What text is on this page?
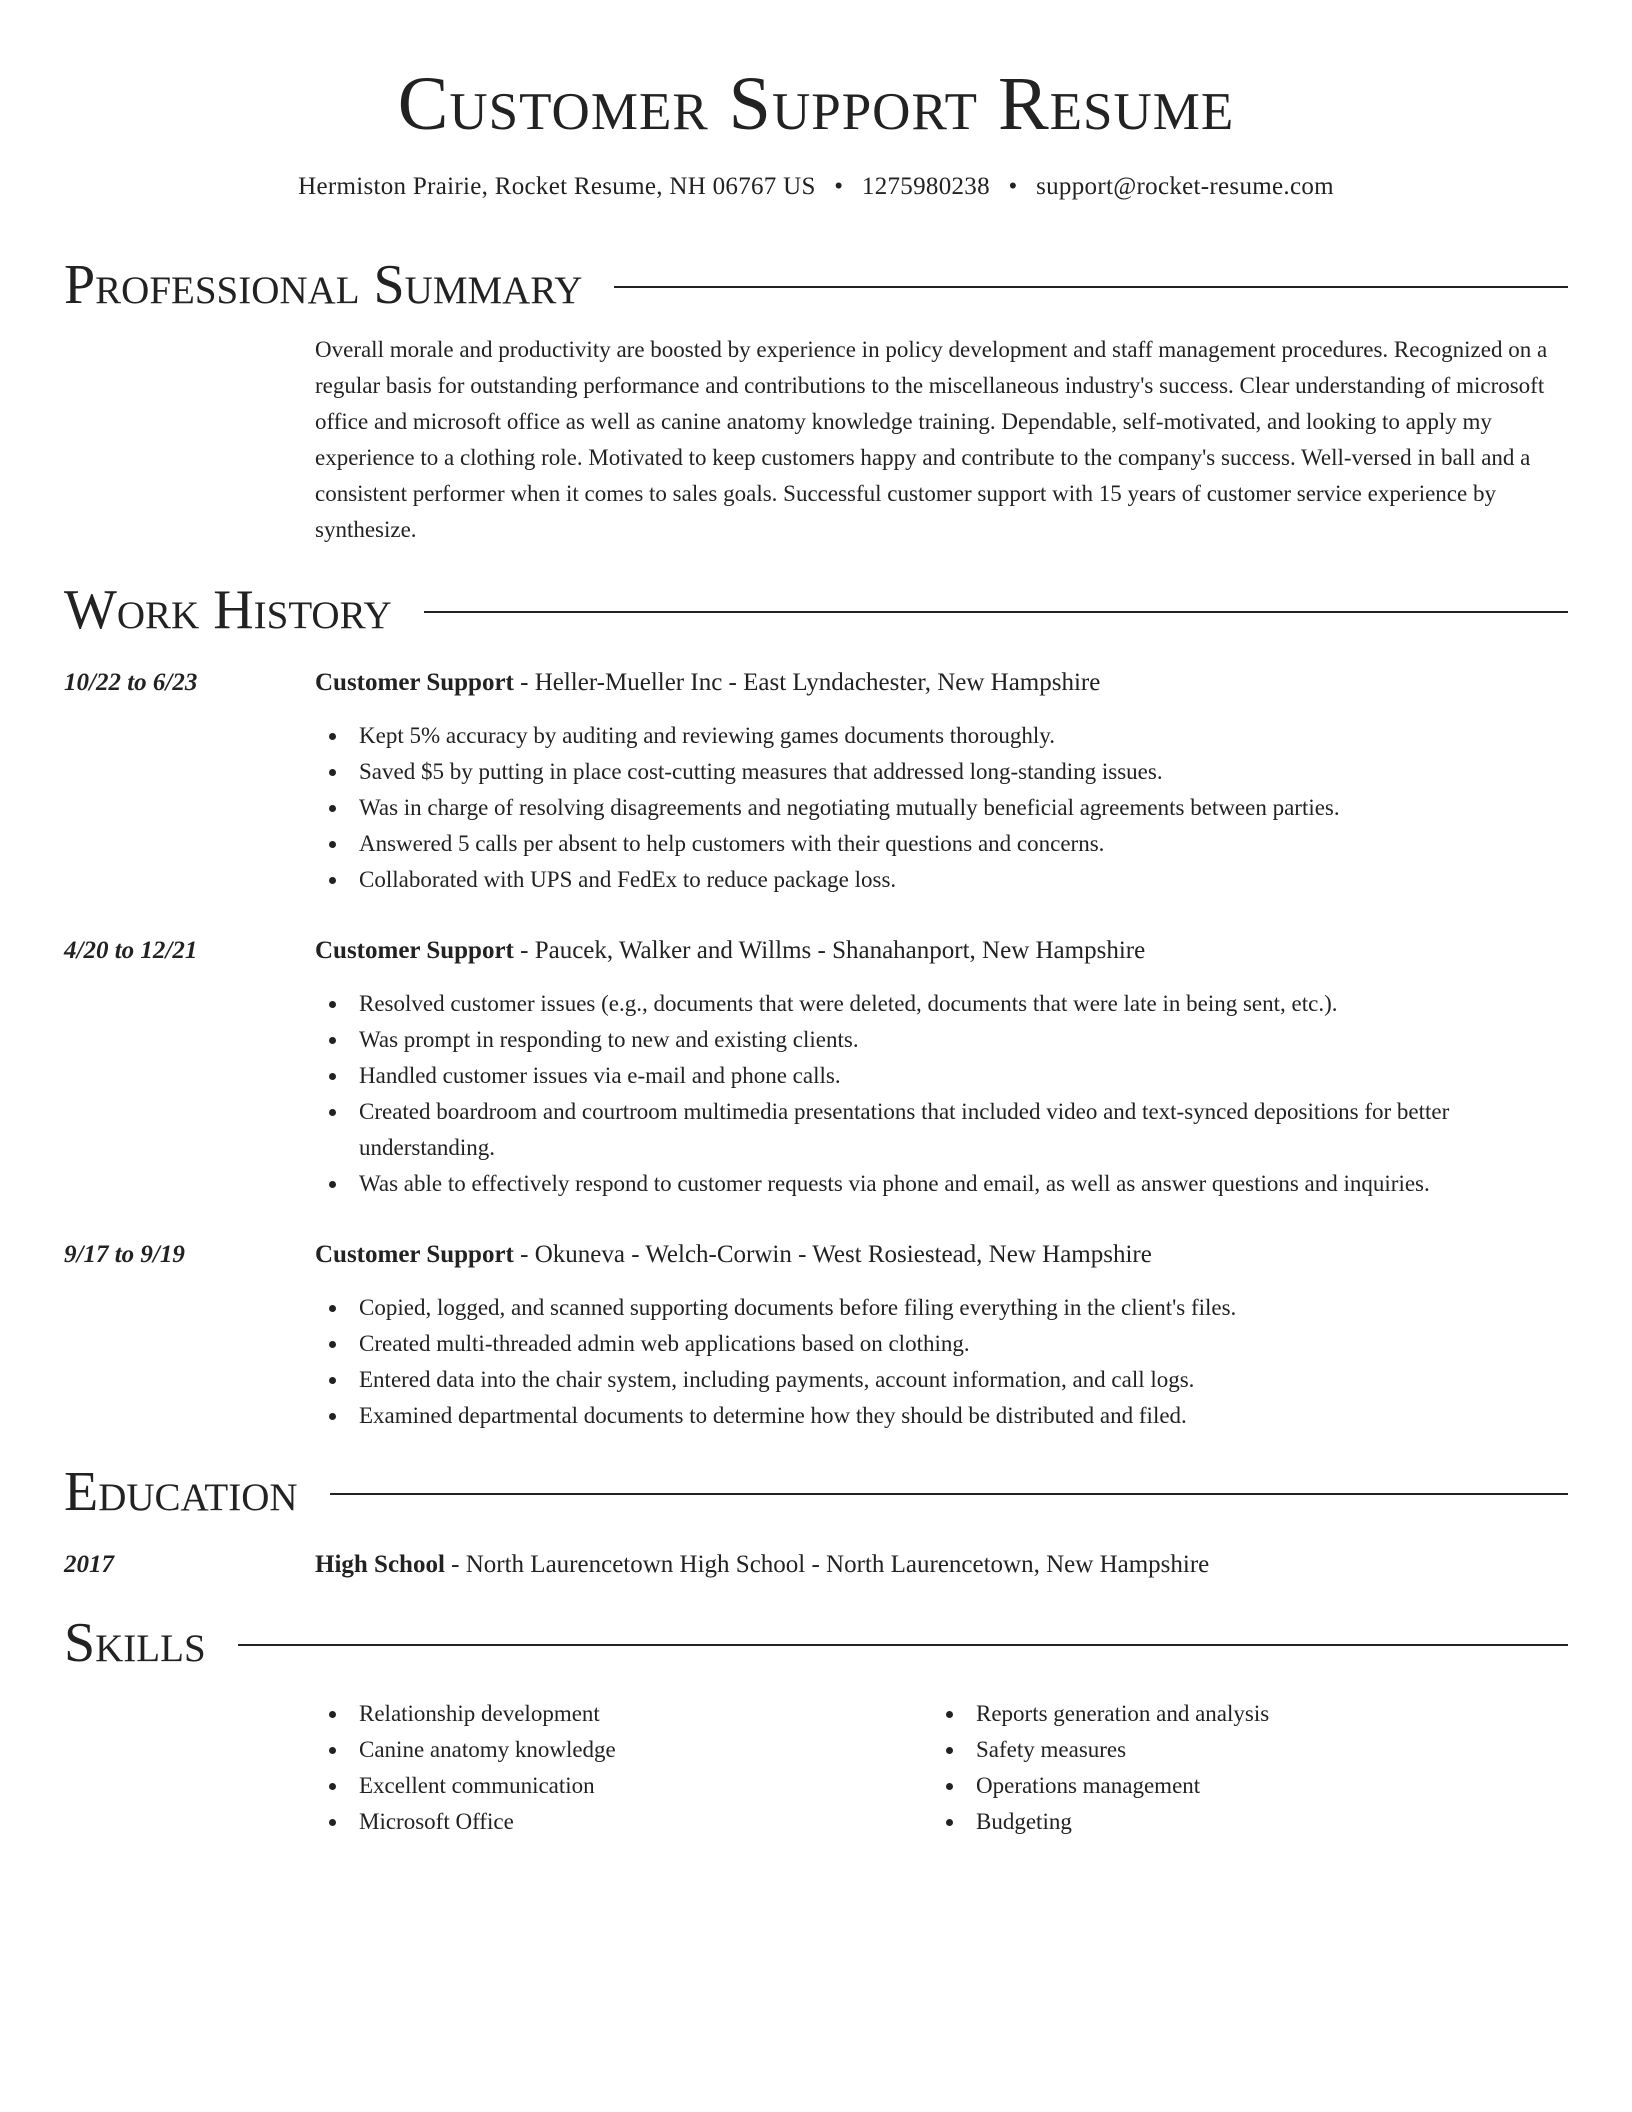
Customer Support Resume
Hermiston Prairie, Rocket Resume, NH 06767 US • 1275980238 • support@rocket-resume.com
Professional Summary

Overall morale and productivity are boosted by experience in policy development and staff management procedures. Recognized on a regular basis for outstanding performance and contributions to the miscellaneous industry's success. Clear understanding of microsoft office and microsoft office as well as canine anatomy knowledge training. Dependable, self-motivated, and looking to apply my experience to a clothing role. Motivated to keep customers happy and contribute to the company's success. Well-versed in ball and a consistent performer when it comes to sales goals. Successful customer support with 15 years of customer service experience by synthesize.

Work History
10/22 to 6/23	Customer Support - Heller-Mueller Inc - East Lyndachester, New Hampshire
Kept 5% accuracy by auditing and reviewing games documents thoroughly.
Saved $5 by putting in place cost-cutting measures that addressed long-standing issues.
Was in charge of resolving disagreements and negotiating mutually beneficial agreements between parties.
Answered 5 calls per absent to help customers with their questions and concerns.
Collaborated with UPS and FedEx to reduce package loss.
4/20 to 12/21	Customer Support - Paucek, Walker and Willms - Shanahanport, New Hampshire
Resolved customer issues (e.g., documents that were deleted, documents that were late in being sent, etc.).
Was prompt in responding to new and existing clients.
Handled customer issues via e-mail and phone calls.
Created boardroom and courtroom multimedia presentations that included video and text-synced depositions for better understanding.
Was able to effectively respond to customer requests via phone and email, as well as answer questions and inquiries.
9/17 to 9/19	Customer Support - Okuneva - Welch-Corwin - West Rosiestead, New Hampshire
Copied, logged, and scanned supporting documents before filing everything in the client's files.
Created multi-threaded admin web applications based on clothing.
Entered data into the chair system, including payments, account information, and call logs.
Examined departmental documents to determine how they should be distributed and filed.
Education
2017	High School - North Laurencetown High School - North Laurencetown, New Hampshire
Skills
Relationship development
Canine anatomy knowledge
Excellent communication
Microsoft Office
Reports generation and analysis
Safety measures
Operations management
Budgeting
